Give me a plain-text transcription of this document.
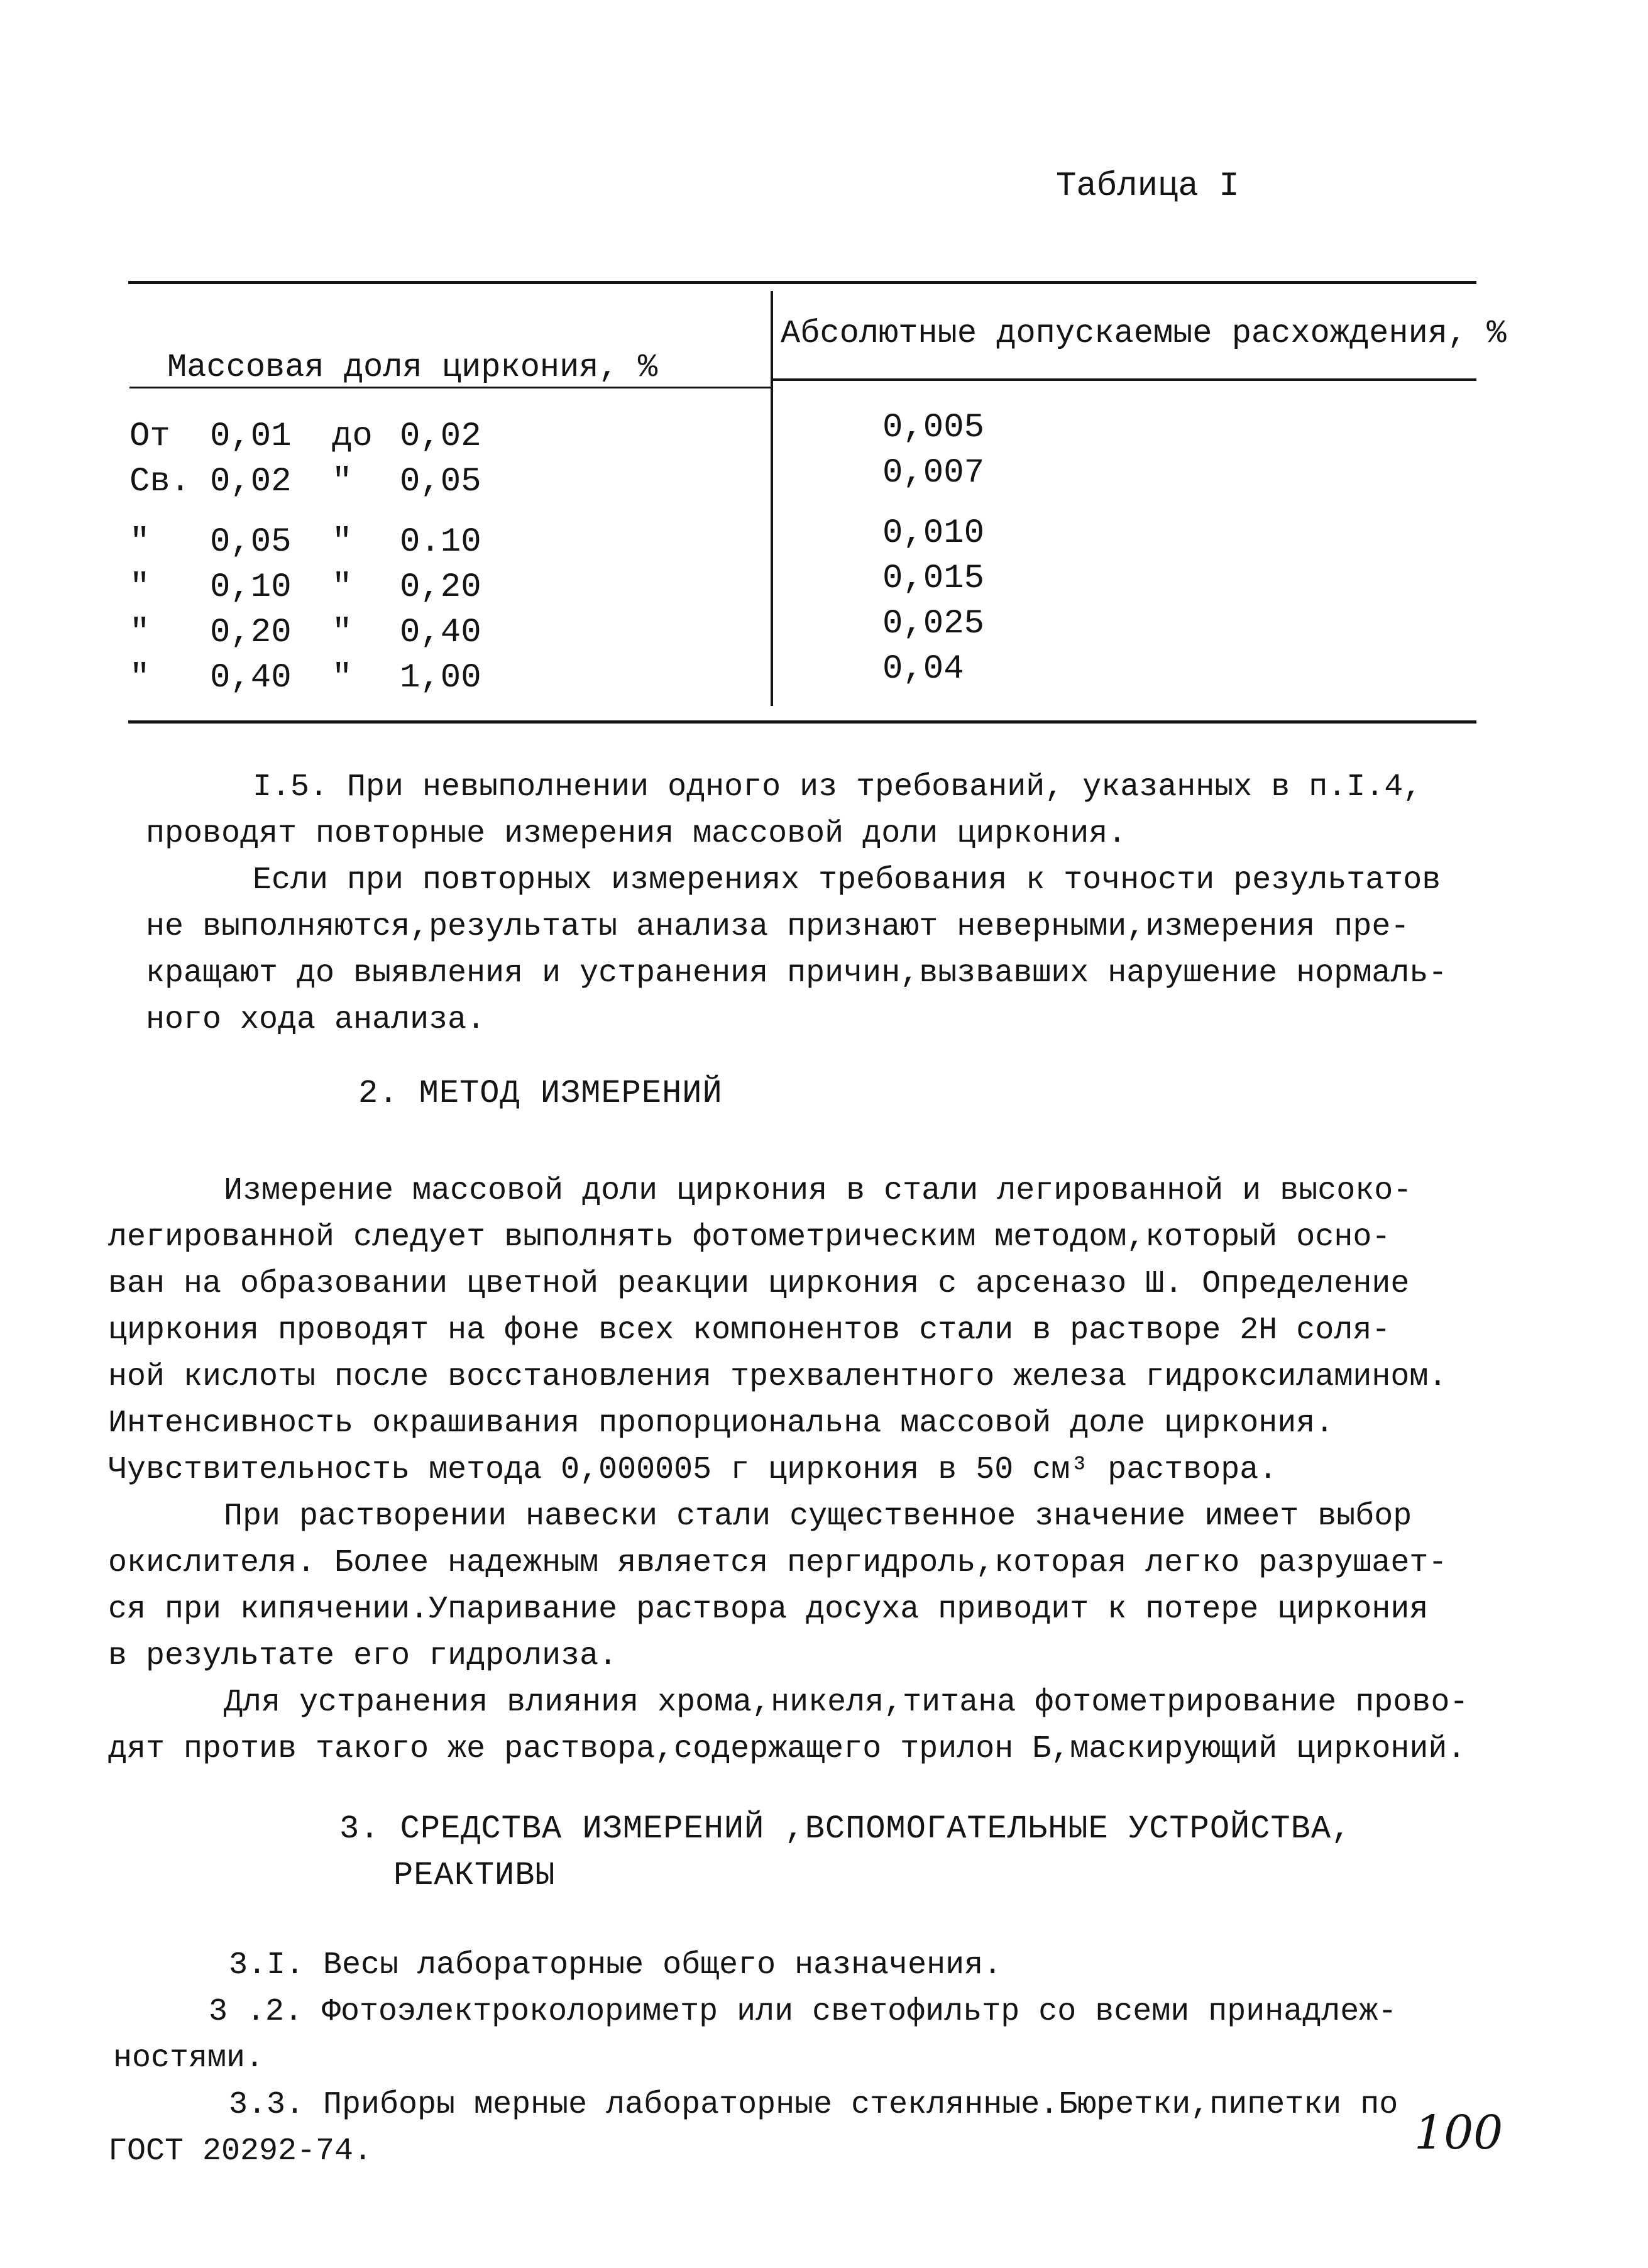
Таблица I
Массовая доля циркония, %
Абсолютные допускаемые расхождения, %
От 0,01 до 0,02	0,005
Св. 0,02 " 0,05	0,007
" 0,05 " 0.10	0,010
" 0,10 " 0,20	0,015
" 0,20 " 0,40	0,025
" 0,40 " 1,00	0,04
I.5. При невыполнении одного из требований, указанных в п.I.4,
проводят повторные измерения массовой доли циркония.
Если при повторных измерениях требования к точности результатов
не выполняются,результаты анализа признают неверными,измерения пре-
кращают до выявления и устранения причин,вызвавших нарушение нормаль-
ного хода анализа.
2. МЕТОД ИЗМЕРЕНИЙ
Измерение массовой доли циркония в стали легированной и высоко-
легированной следует выполнять фотометрическим методом,который осно-
ван на образовании цветной реакции циркония с арсеназо Ш. Определение
циркония проводят на фоне всех компонентов стали в растворе 2Н соля-
ной кислоты после восстановления трехвалентного железа гидроксиламином.
Интенсивность окрашивания пропорциональна массовой доле циркония.
Чувствительность метода 0,000005 г циркония в 50 см³ раствора.
При растворении навески стали существенное значение имеет выбор
окислителя. Более надежным является пергидроль,которая легко разрушает-
ся при кипячении.Упаривание раствора досуха приводит к потере циркония
в результате его гидролиза.
Для устранения влияния хрома,никеля,титана фотометрирование прово-
дят против такого же раствора,содержащего трилон Б,маскирующий цирконий.
3. СРЕДСТВА ИЗМЕРЕНИЙ ,ВСПОМОГАТЕЛЬНЫЕ УСТРОЙСТВА,
РЕАКТИВЫ
3.I. Весы лабораторные общего назначения.
3 .2. Фотоэлектроколориметр или светофильтр со всеми принадлеж-
ностями.
3.3. Приборы мерные лабораторные стеклянные.Бюретки,пипетки по
ГОСТ 20292-74.	100
